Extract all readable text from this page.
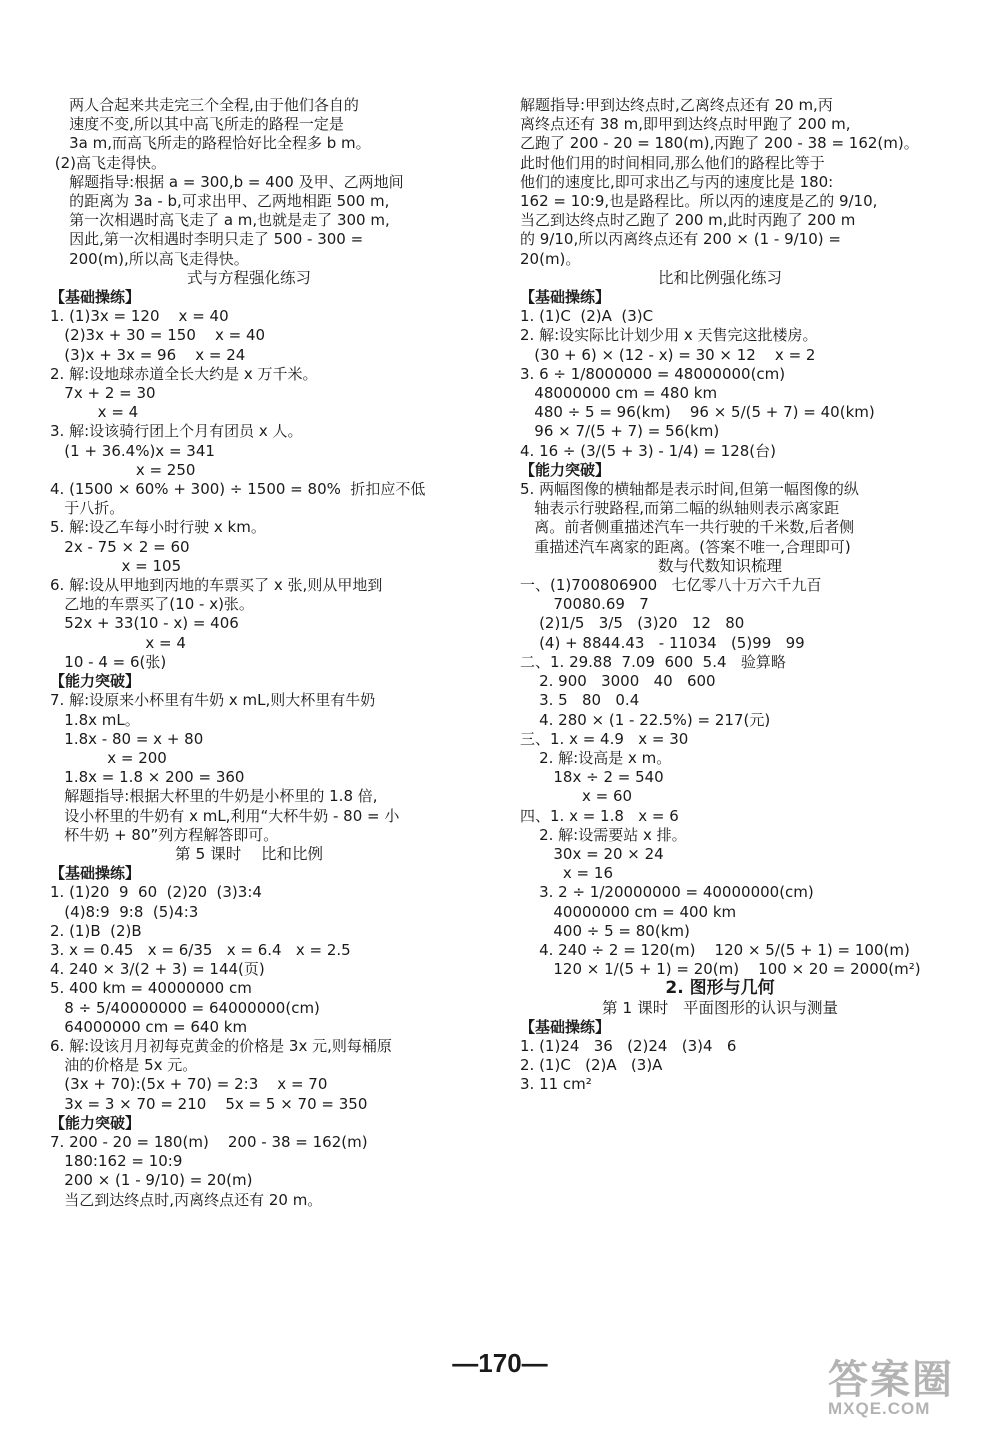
两人合起来共走完三个全程,由于他们各自的
速度不变,所以其中高飞所走的路程一定是
3a m,而高飞所走的路程恰好比全程多 b m。
(2)高飞走得快。
解题指导:根据 a = 300,b = 400 及甲、乙两地间
的距离为 3a - b,可求出甲、乙两地相距 500 m,
第一次相遇时高飞走了 a m,也就是走了 300 m,
因此,第一次相遇时李明只走了 500 - 300 =
200(m),所以高飞走得快。
式与方程强化练习
【基础操练】
1. (1)3x = 120    x = 40
(2)3x + 30 = 150    x = 40
(3)x + 3x = 96    x = 24
2. 解:设地球赤道全长大约是 x 万千米。
7x + 2 = 30
x = 4
3. 解:设该骑行团上个月有团员 x 人。
(1 + 36.4%)x = 341
x = 250
4. (1500 × 60% + 300) ÷ 1500 = 80%  折扣应不低
于八折。
5. 解:设乙车每小时行驶 x km。
2x - 75 × 2 = 60
x = 105
6. 解:设从甲地到丙地的车票买了 x 张,则从甲地到
乙地的车票买了(10 - x)张。
52x + 33(10 - x) = 406
x = 4
10 - 4 = 6(张)
【能力突破】
7. 解:设原来小杯里有牛奶 x mL,则大杯里有牛奶
1.8x mL。
1.8x - 80 = x + 80
x = 200
1.8x = 1.8 × 200 = 360
解题指导:根据大杯里的牛奶是小杯里的 1.8 倍,
设小杯里的牛奶有 x mL,利用“大杯牛奶 - 80 = 小
杯牛奶 + 80”列方程解答即可。
第 5 课时    比和比例
【基础操练】
1. (1)20  9  60  (2)20  (3)3:4
(4)8:9  9:8  (5)4:3
2. (1)B  (2)B
3. x = 0.45   x = 6/35   x = 6.4   x = 2.5
4. 240 × 3/(2 + 3) = 144(页)
5. 400 km = 40000000 cm
8 ÷ 5/40000000 = 64000000(cm)
64000000 cm = 640 km
6. 解:设该月月初每克黄金的价格是 3x 元,则每桶原
油的价格是 5x 元。
(3x + 70):(5x + 70) = 2:3    x = 70
3x = 3 × 70 = 210    5x = 5 × 70 = 350
【能力突破】
7. 200 - 20 = 180(m)    200 - 38 = 162(m)
180:162 = 10:9
200 × (1 - 9/10) = 20(m)
当乙到达终点时,丙离终点还有 20 m。
解题指导:甲到达终点时,乙离终点还有 20 m,丙
离终点还有 38 m,即甲到达终点时甲跑了 200 m,
乙跑了 200 - 20 = 180(m),丙跑了 200 - 38 = 162(m)。
此时他们用的时间相同,那么他们的路程比等于
他们的速度比,即可求出乙与丙的速度比是 180:
162 = 10:9,也是路程比。所以丙的速度是乙的 9/10,
当乙到达终点时乙跑了 200 m,此时丙跑了 200 m
的 9/10,所以丙离终点还有 200 × (1 - 9/10) =
20(m)。
比和比例强化练习
【基础操练】
1. (1)C  (2)A  (3)C
2. 解:设实际比计划少用 x 天售完这批楼房。
(30 + 6) × (12 - x) = 30 × 12    x = 2
3. 6 ÷ 1/8000000 = 48000000(cm)
48000000 cm = 480 km
480 ÷ 5 = 96(km)    96 × 5/(5 + 7) = 40(km)
96 × 7/(5 + 7) = 56(km)
4. 16 ÷ (3/(5 + 3) - 1/4) = 128(台)
【能力突破】
5. 两幅图像的横轴都是表示时间,但第一幅图像的纵
轴表示行驶路程,而第二幅的纵轴则表示离家距
离。前者侧重描述汽车一共行驶的千米数,后者侧
重描述汽车离家的距离。(答案不唯一,合理即可)
数与代数知识梳理
一、(1)700806900   七亿零八十万六千九百
70080.69   7
(2)1/5   3/5   (3)20   12   80
(4) + 8844.43   - 11034   (5)99   99
二、1. 29.88  7.09  600  5.4   验算略
2. 900   3000   40   600
3. 5   80   0.4
4. 280 × (1 - 22.5%) = 217(元)
三、1. x = 4.9   x = 30
2. 解:设高是 x m。
18x ÷ 2 = 540
x = 60
四、1. x = 1.8   x = 6
2. 解:设需要站 x 排。
30x = 20 × 24
x = 16
3. 2 ÷ 1/20000000 = 40000000(cm)
40000000 cm = 400 km
400 ÷ 5 = 80(km)
4. 240 ÷ 2 = 120(m)    120 × 5/(5 + 1) = 100(m)
120 × 1/(5 + 1) = 20(m)    100 × 20 = 2000(m²)
2. 图形与几何
第 1 课时   平面图形的认识与测量
【基础操练】
1. (1)24   36   (2)24   (3)4   6
2. (1)C   (2)A   (3)A
3. 11 cm²
—170—	答案圈
MXQE.COM
